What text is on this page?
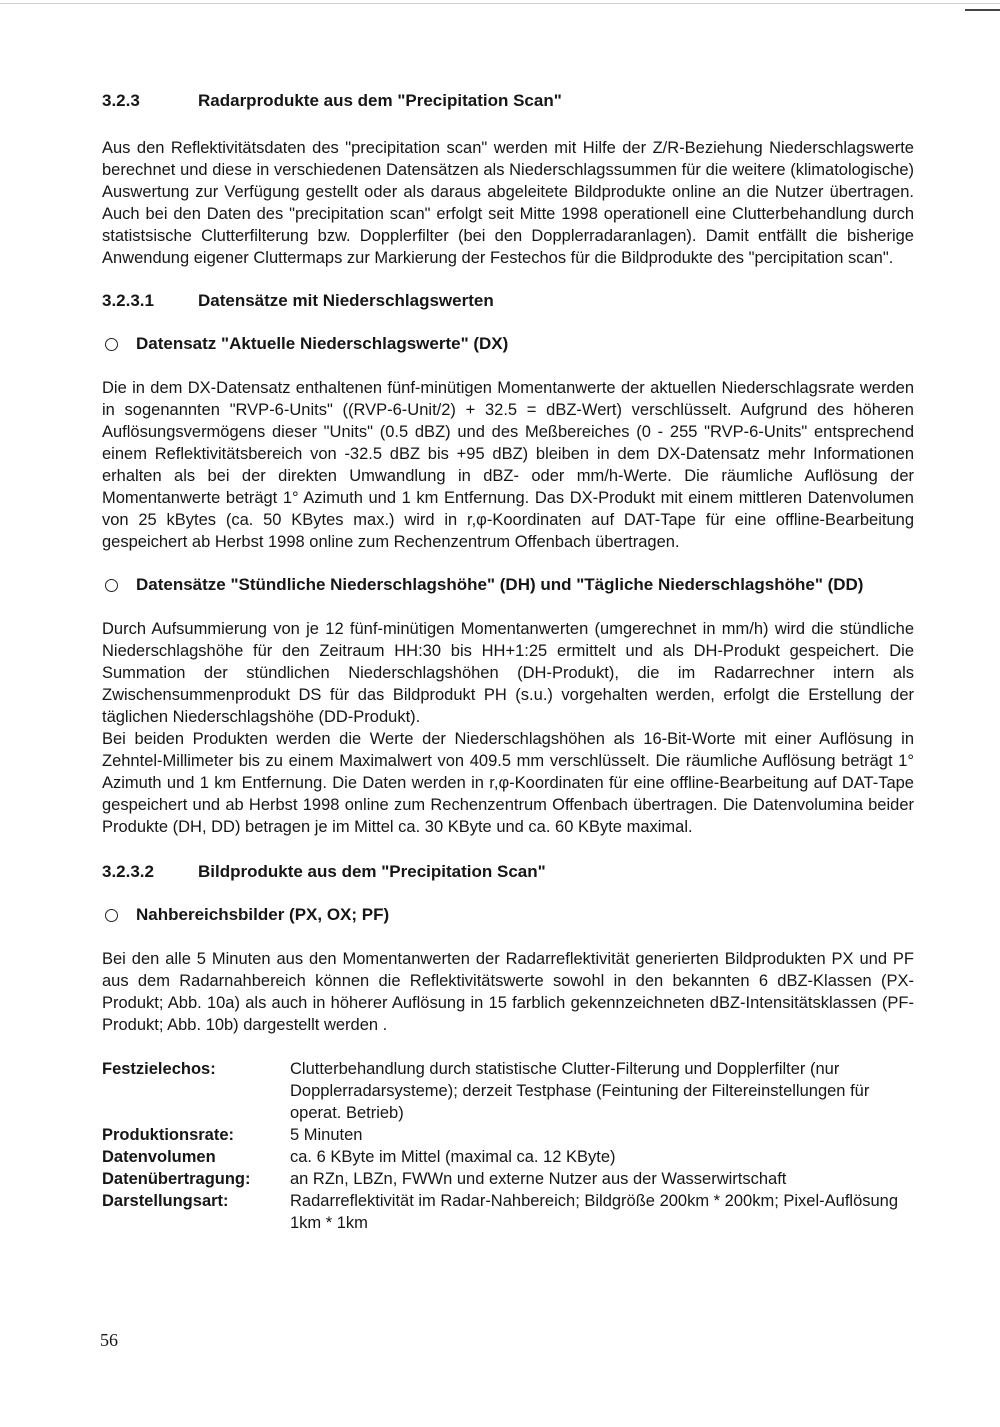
3.2.3	Radarprodukte aus dem "Precipitation Scan"

Aus den Reflektivitätsdaten des "precipitation scan" werden mit Hilfe der Z/R-Beziehung Niederschlagswerte berechnet und diese in verschiedenen Datensätzen als Niederschlagssummen für die weitere (klimatologische) Auswertung zur Verfügung gestellt oder als daraus abgeleitete Bildprodukte online an die Nutzer übertragen. Auch bei den Daten des "precipitation scan" erfolgt seit Mitte 1998 operationell eine Clutterbehandlung durch statistsische Clutterfilterung bzw. Dopplerfilter (bei den Dopplerradaranlagen). Damit entfällt die bisherige Anwendung eigener Cluttermaps zur Markierung der Festechos für die Bildprodukte des "percipitation scan".

3.2.3.1	Datensätze mit Niederschlagswerten
Datensatz "Aktuelle Niederschlagswerte" (DX)

Die in dem DX-Datensatz enthaltenen fünf-minütigen Momentanwerte der aktuellen Niederschlagsrate werden in sogenannten "RVP-6-Units" ((RVP-6-Unit/2) + 32.5 = dBZ-Wert) verschlüsselt. Aufgrund des höheren Auflösungsvermögens dieser "Units" (0.5 dBZ) und des Meßbereiches (0 - 255 "RVP-6-Units" entsprechend einem Reflektivitätsbereich von -32.5 dBZ bis +95 dBZ) bleiben in dem DX-Datensatz mehr Informationen erhalten als bei der direkten Umwandlung in dBZ- oder mm/h-Werte. Die räumliche Auflösung der Momentanwerte beträgt 1° Azimuth und 1 km Entfernung. Das DX-Produkt mit einem mittleren Datenvolumen von 25 kBytes (ca. 50 KBytes max.) wird in r,φ-Koordinaten auf DAT-Tape für eine offline-Bearbeitung gespeichert ab Herbst 1998 online zum Rechenzentrum Offenbach übertragen.

Datensätze "Stündliche Niederschlagshöhe" (DH) und "Tägliche Niederschlagshöhe" (DD)

Durch Aufsummierung von je 12 fünf-minütigen Momentanwerten (umgerechnet in mm/h) wird die stündliche Niederschlagshöhe für den Zeitraum HH:30 bis HH+1:25 ermittelt und als DH-Produkt gespeichert. Die Summation der stündlichen Niederschlagshöhen (DH-Produkt), die im Radarrechner intern als Zwischensummenprodukt DS für das Bildprodukt PH (s.u.) vorgehalten werden, erfolgt die Erstellung der täglichen Niederschlagshöhe (DD-Produkt).

Bei beiden Produkten werden die Werte der Niederschlagshöhen als 16-Bit-Worte mit einer Auflösung in Zehntel-Millimeter bis zu einem Maximalwert von 409.5 mm verschlüsselt. Die räumliche Auflösung beträgt 1° Azimuth und 1 km Entfernung. Die Daten werden in r,φ-Koordinaten für eine offline-Bearbeitung auf DAT-Tape gespeichert und ab Herbst 1998 online zum Rechenzentrum Offenbach übertragen. Die Datenvolumina beider Produkte (DH, DD) betragen je im Mittel ca. 30 KByte und ca. 60 KByte maximal.

3.2.3.2	Bildprodukte aus dem "Precipitation Scan"
Nahbereichsbilder (PX, OX; PF)

Bei den alle 5 Minuten aus den Momentanwerten der Radarreflektivität generierten Bildprodukten PX und PF aus dem Radarnahbereich können die Reflektivitätswerte sowohl in den bekannten 6 dBZ-Klassen (PX-Produkt; Abb. 10a) als auch in höherer Auflösung in 15 farblich gekennzeichneten dBZ-Intensitätsklassen (PF-Produkt; Abb. 10b) dargestellt werden .

Festzielechos:	Clutterbehandlung durch statistische Clutter-Filterung und Dopplerfilter (nur Dopplerradarsysteme); derzeit Testphase (Feintuning der Filtereinstellungen für operat. Betrieb)
Produktionsrate:	5 Minuten
Datenvolumen	ca. 6 KByte im Mittel (maximal ca. 12 KByte)
Datenübertragung:	an RZn, LBZn, FWWn und externe Nutzer aus der Wasserwirtschaft
Darstellungsart:	Radarreflektivität im Radar-Nahbereich; Bildgröße 200km * 200km; Pixel-Auflösung 1km * 1km
56
